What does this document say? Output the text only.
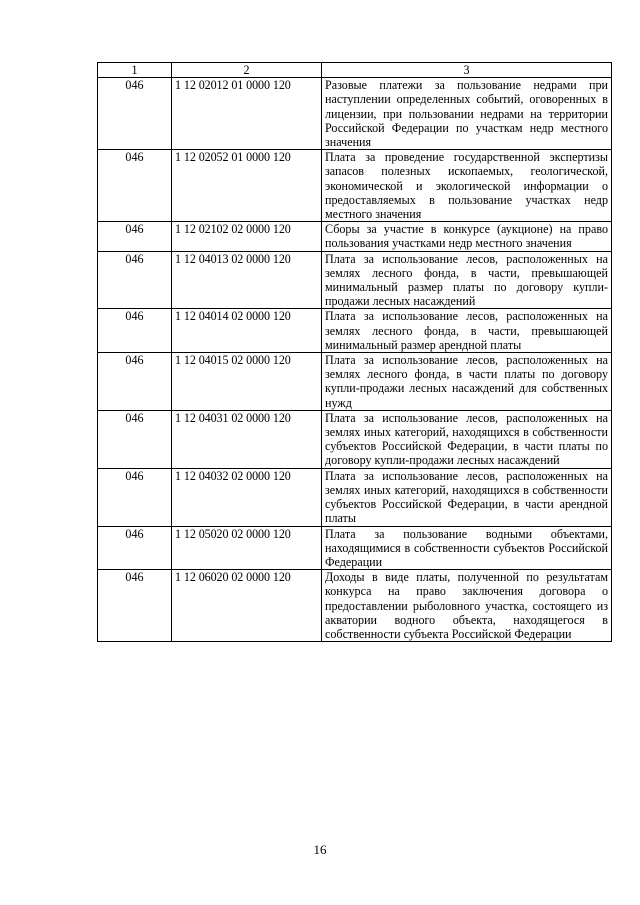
1	2	3
046	1 12 02012 01 0000 120	Разовые платежи за пользование недрами при наступлении определенных событий, оговоренных в лицензии, при пользовании недрами на территории Российской Федерации по участкам недр местного значения
046	1 12 02052 01 0000 120	Плата за проведение государственной экспертизы запасов полезных ископаемых, геологической, экономической и экологической информации о предоставляемых в пользование участках недр местного значения
046	1 12 02102 02 0000 120	Сборы за участие в конкурсе (аукционе) на право пользования участками недр местного значения
046	1 12 04013 02 0000 120	Плата за использование лесов, расположенных на землях лесного фонда, в части, превышающей минимальный размер платы по договору купли-продажи лесных насаждений
046	1 12 04014 02 0000 120	Плата за использование лесов, расположенных на землях лесного фонда, в части, превышающей минимальный размер арендной платы
046	1 12 04015 02 0000 120	Плата за использование лесов, расположенных на землях лесного фонда, в части платы по договору купли-продажи лесных насаждений для собственных нужд
046	1 12 04031 02 0000 120	Плата за использование лесов, расположенных на землях иных категорий, находящихся в собственности субъектов Российской Федерации, в части платы по договору купли-продажи лесных насаждений
046	1 12 04032 02 0000 120	Плата за использование лесов, расположенных на землях иных категорий, находящихся в собственности субъектов Российской Федерации, в части арендной платы
046	1 12 05020 02 0000 120	Плата за пользование водными объектами, находящимися в собственности субъектов Российской Федерации
046	1 12 06020 02 0000 120	Доходы в виде платы, полученной по результатам конкурса на право заключения договора о предоставлении рыболовного участка, состоящего из акватории водного объекта, находящегося в собственности субъекта Российской Федерации
16
